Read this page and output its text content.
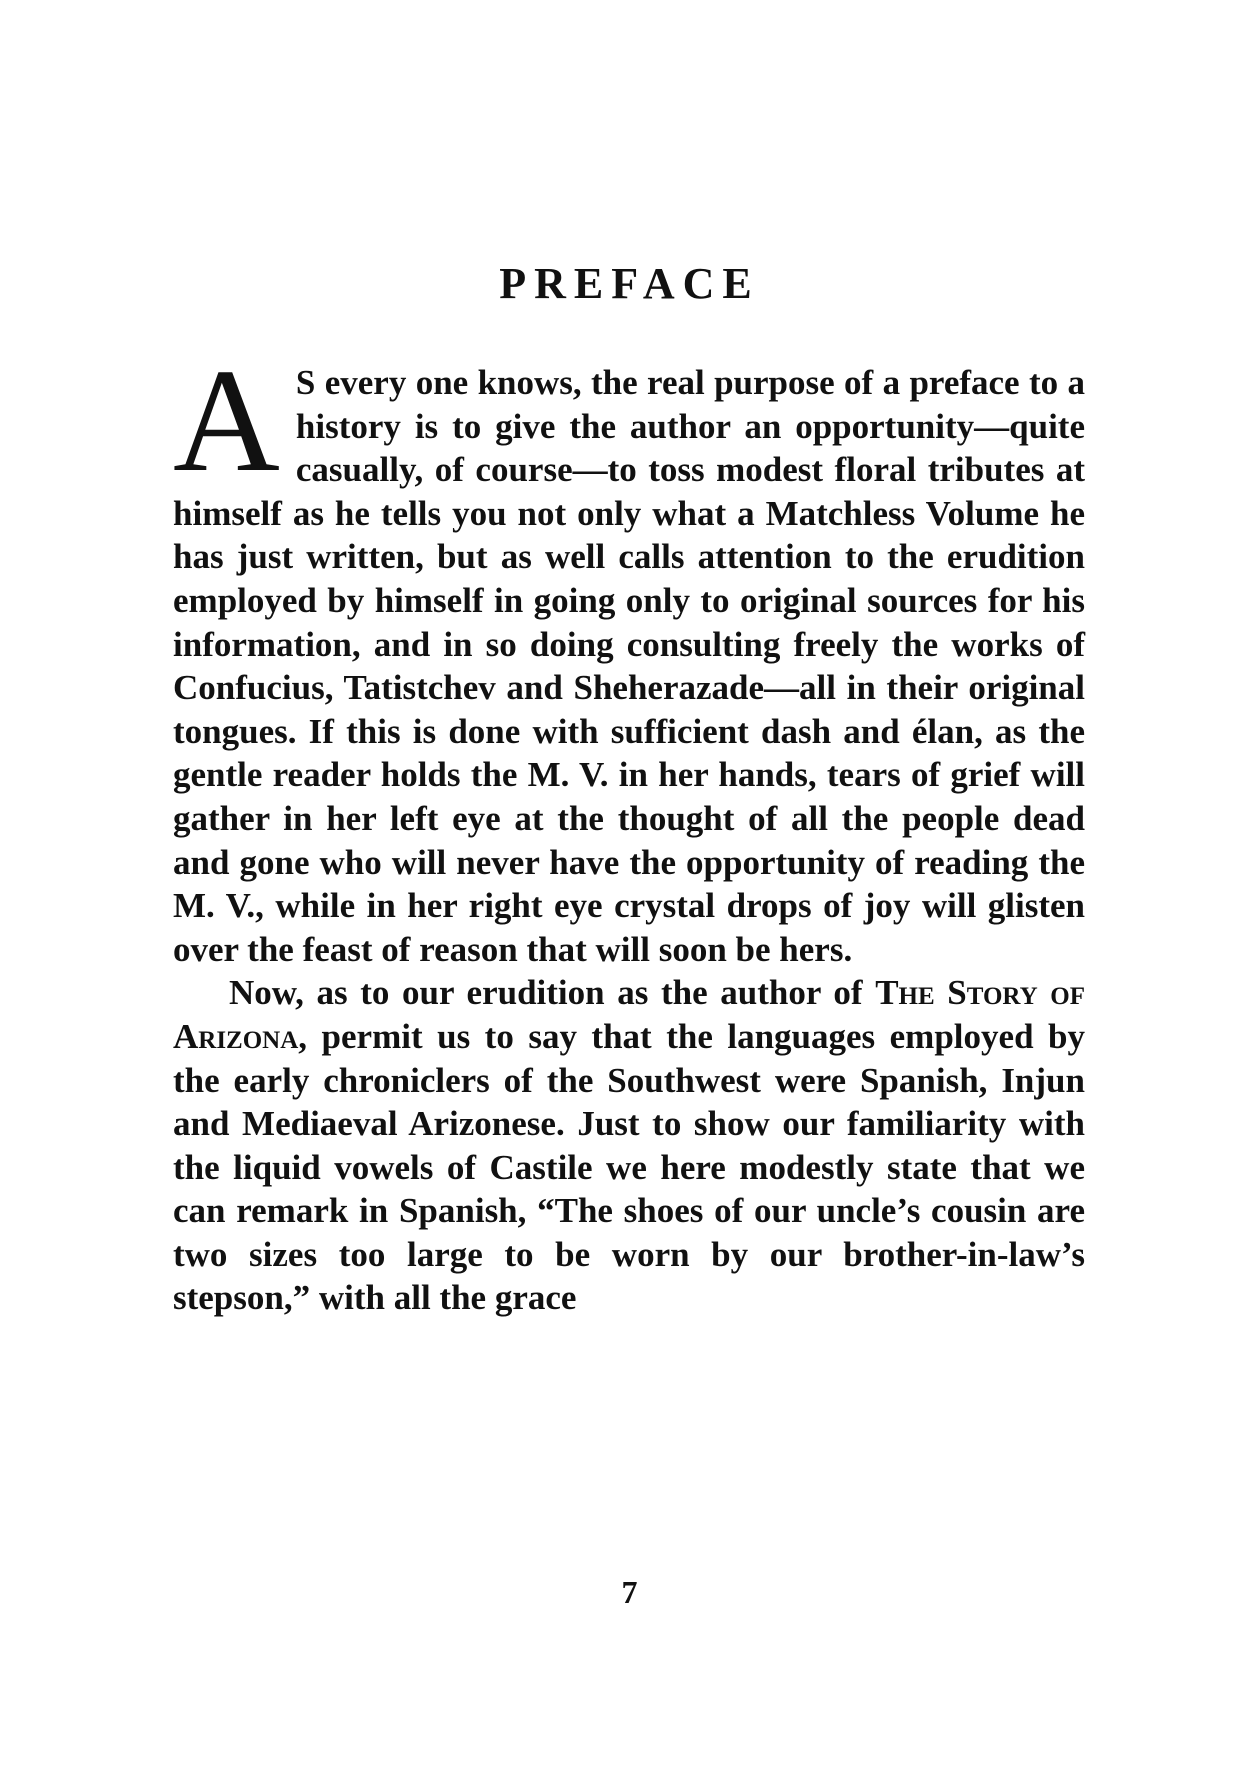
PREFACE

A S every one knows, the real purpose of a preface to a history is to give the author an opportunity—quite casually, of course—to toss modest floral tributes at himself as he tells you not only what a Matchless Volume he has just written, but as well calls attention to the erudition employed by himself in going only to original sources for his information, and in so doing consulting freely the works of Confucius, Tatistchev and Sheherazade—all in their original tongues. If this is done with sufficient dash and élan, as the gentle reader holds the M. V. in her hands, tears of grief will gather in her left eye at the thought of all the people dead and gone who will never have the opportunity of reading the M. V., while in her right eye crystal drops of joy will glisten over the feast of reason that will soon be hers.

Now, as to our erudition as the author of The Story of Arizona, permit us to say that the languages employed by the early chroniclers of the Southwest were Spanish, Injun and Mediaeval Arizonese. Just to show our familiarity with the liquid vowels of Castile we here modestly state that we can remark in Spanish, “The shoes of our uncle’s cousin are two sizes too large to be worn by our brother-in-law’s stepson,” with all the grace

7
